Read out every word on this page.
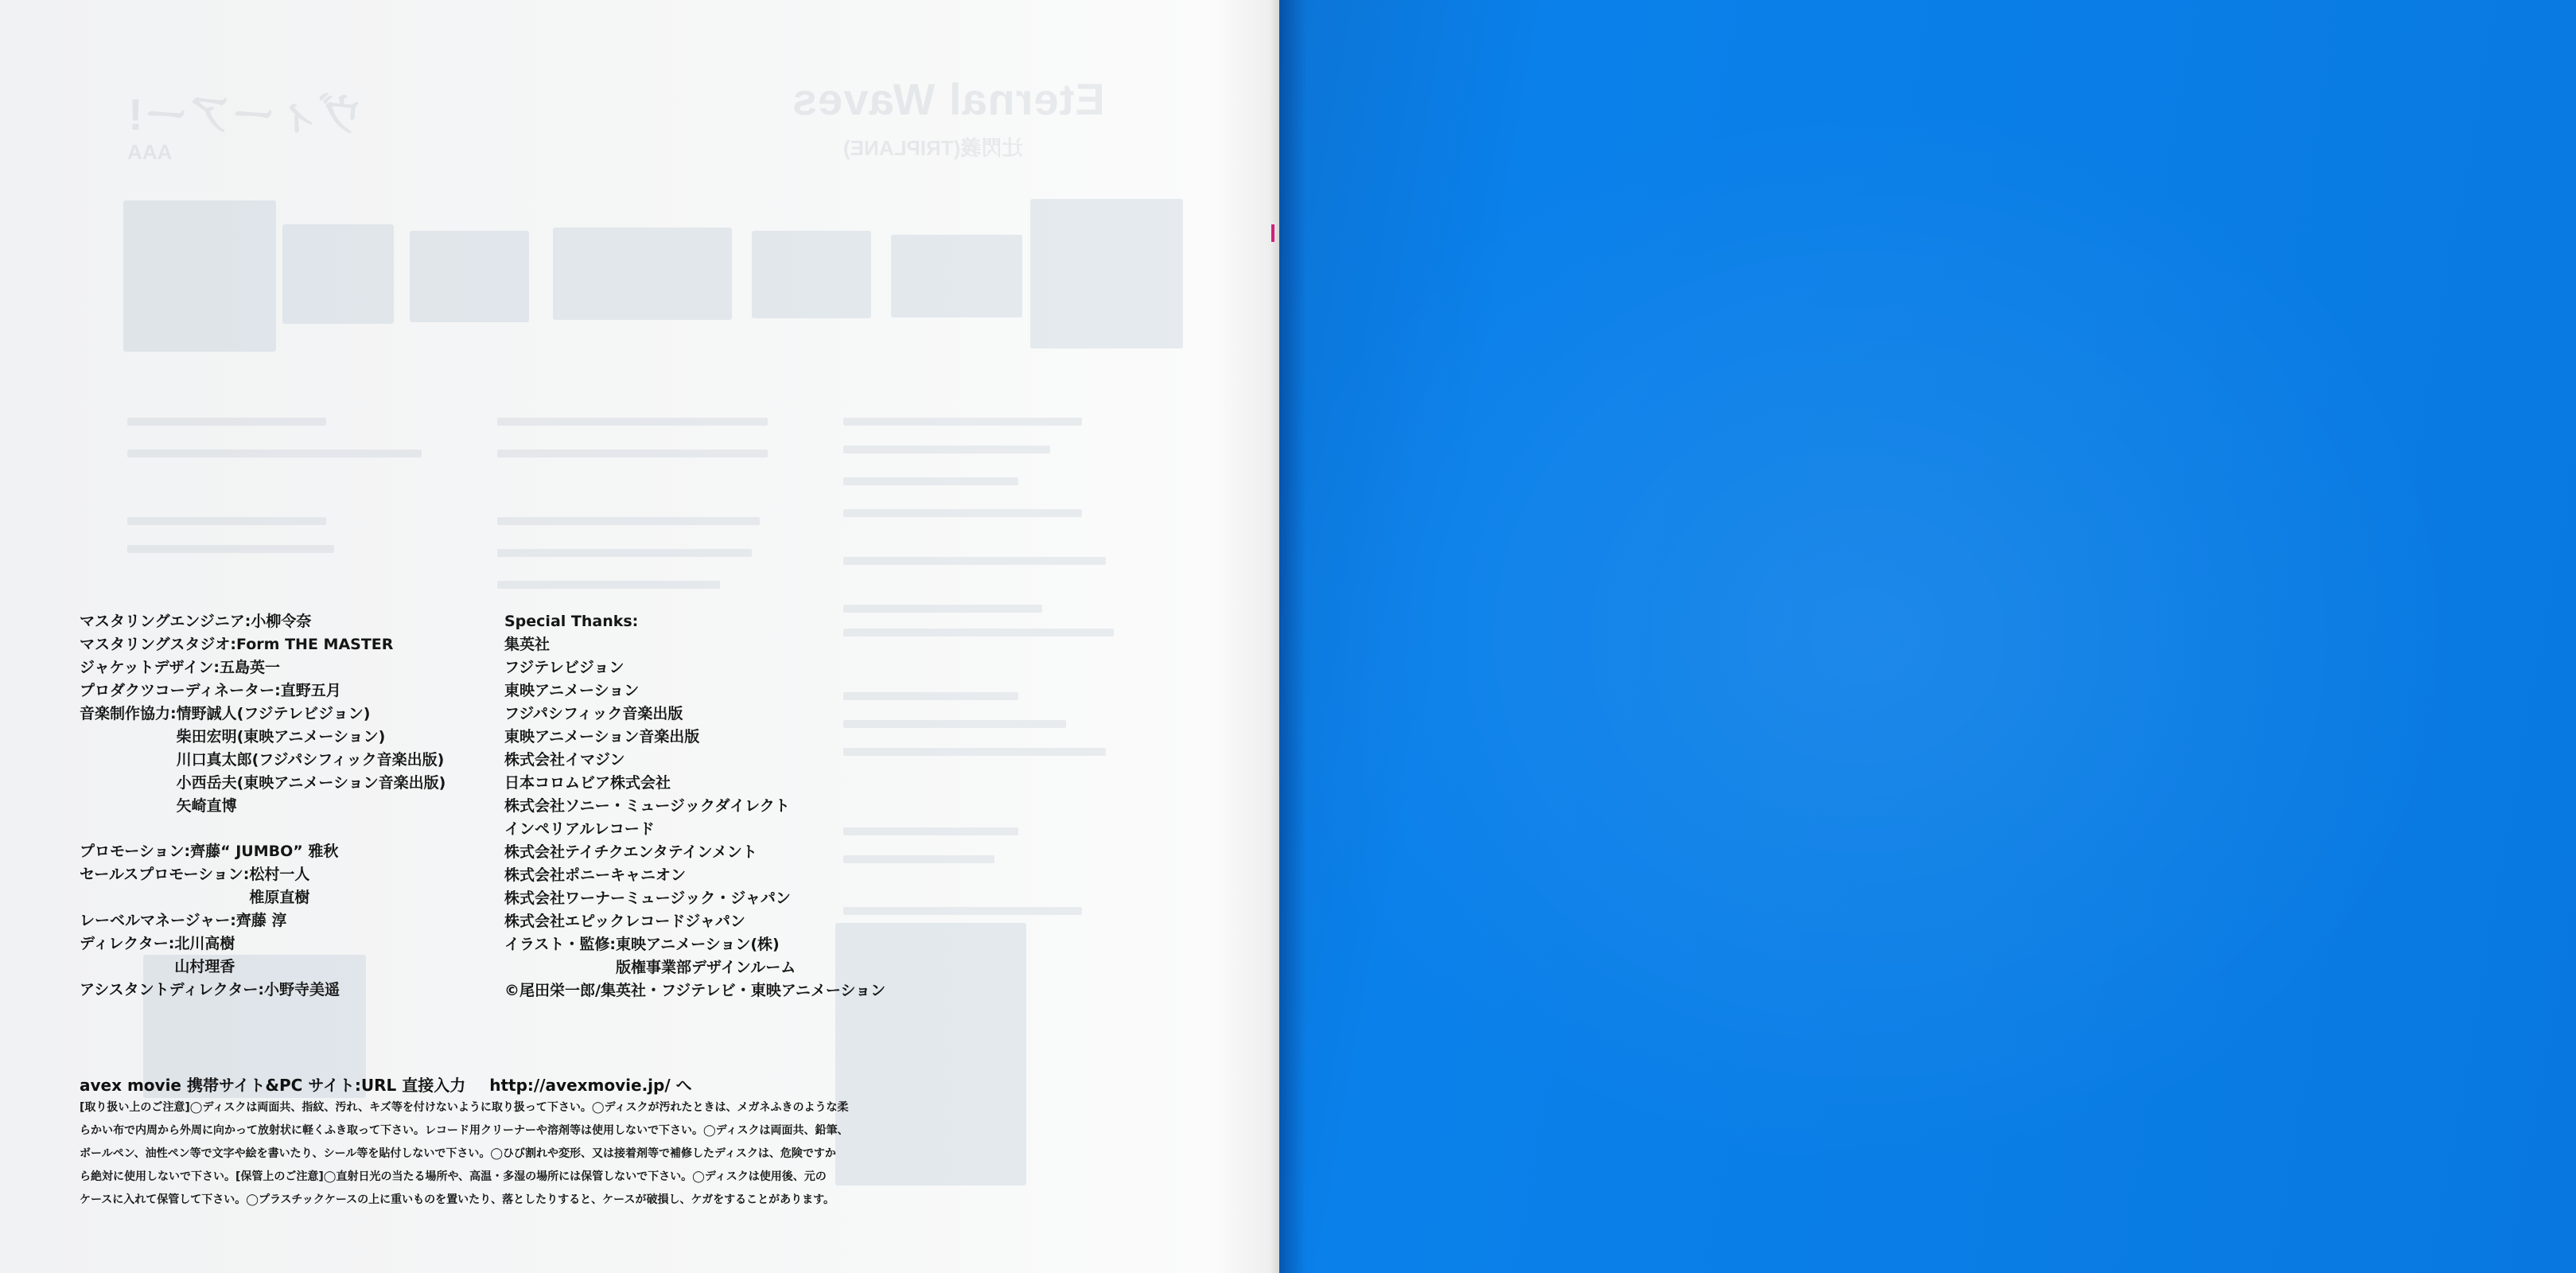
Eternal Waves
辻閃義(TRIPLANE)
ヴィーアー!
AAA
マスタリングエンジニア: 小柳令奈
マスタリングスタジオ: Form THE MASTER
ジャケットデザイン: 五島英一
プロダクツコーディネーター: 直野五月
音楽制作協力: 情野誠人(フジテレビジョン)
柴田宏明(東映アニメーション)
川口真太郎(フジパシフィック音楽出版)
小西岳夫(東映アニメーション音楽出版)
矢崎直博
プロモーション: 齊藤“ JUMBO” 雅秋
セールスプロモーション: 松村一人
椎原直樹
レーベルマネージャー: 齊藤 淳
ディレクター: 北川高樹
山村理香
アシスタントディレクター: 小野寺美遥
Special Thanks:
集英社
フジテレビジョン
東映アニメーション
フジパシフィック音楽出版
東映アニメーション音楽出版
株式会社イマジン
日本コロムビア株式会社
株式会社ソニー・ミュージックダイレクト
インペリアルレコード
株式会社テイチクエンタテインメント
株式会社ポニーキャニオン
株式会社ワーナーミュージック・ジャパン
株式会社エピックレコードジャパン
イラスト・監修: 東映アニメーション(株)
版権事業部デザインルーム
©尾田栄一郎/集英社・フジテレビ・東映アニメーション
avex movie 携帯サイト&PC サイト:URL 直接入力 http://avexmovie.jp/ へ
[取り扱い上のご注意]◯ディスクは両面共、指紋、汚れ、キズ等を付けないように取り扱って下さい。◯ディスクが汚れたときは、メガネふきのような柔
らかい布で内周から外周に向かって放射状に軽くふき取って下さい。レコード用クリーナーや溶剤等は使用しないで下さい。◯ディスクは両面共、鉛筆、
ボールペン、油性ペン等で文字や絵を書いたり、シール等を貼付しないで下さい。◯ひび割れや変形、又は接着剤等で補修したディスクは、危険ですか
ら絶対に使用しないで下さい。[保管上のご注意]◯直射日光の当たる場所や、高温・多湿の場所には保管しないで下さい。◯ディスクは使用後、元の
ケースに入れて保管して下さい。◯プラスチックケースの上に重いものを置いたり、落としたりすると、ケースが破損し、ケガをすることがあります。
